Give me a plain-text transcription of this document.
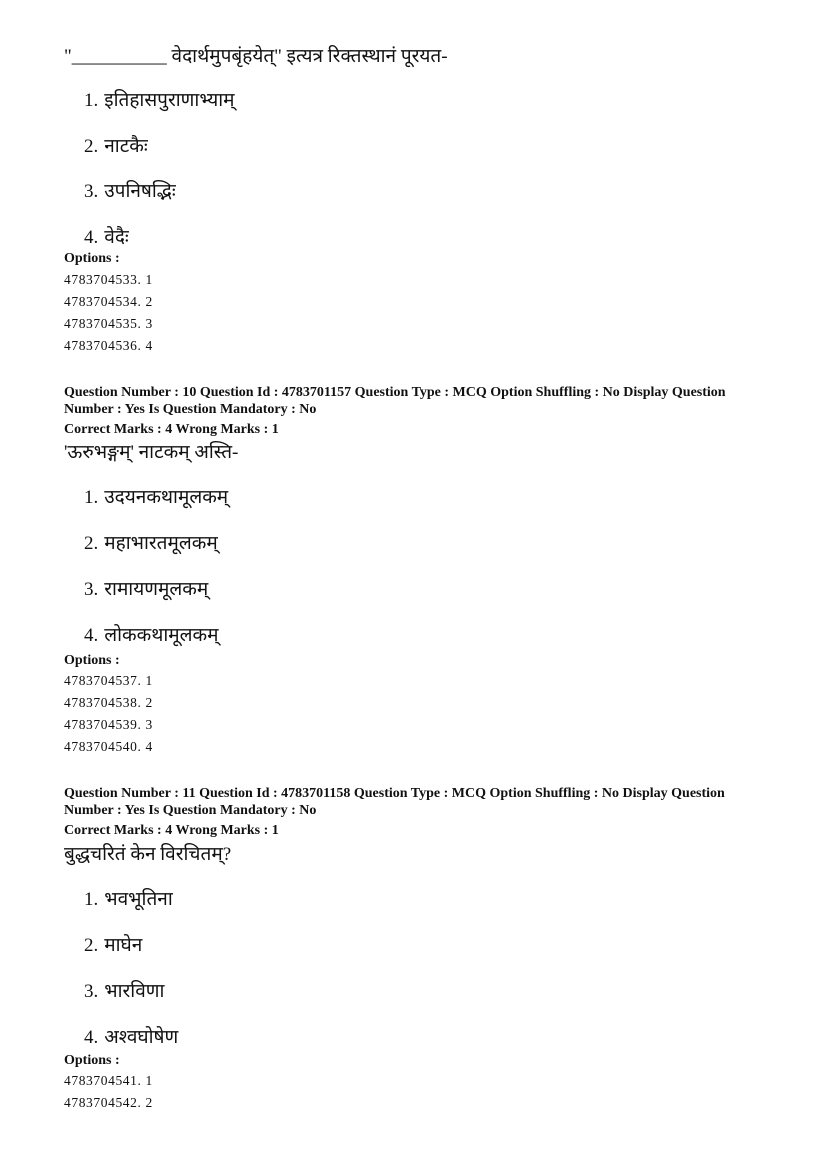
"__________ वेदार्थमुपबृंहयेत्" इत्यत्र रिक्तस्थानं पूरयत-
1. इतिहासपुराणाभ्याम्
2. नाटकैः
3. उपनिषद्भिः
4. वेदैः
Options :
4783704533. 1
4783704534. 2
4783704535. 3
4783704536. 4
Question Number : 10 Question Id : 4783701157 Question Type : MCQ Option Shuffling : No Display Question
Number : Yes Is Question Mandatory : No
Correct Marks : 4 Wrong Marks : 1
'ऊरुभङ्गम्' नाटकम् अस्ति-
1. उदयनकथामूलकम्
2. महाभारतमूलकम्
3. रामायणमूलकम्
4. लोककथामूलकम्
Options :
4783704537. 1
4783704538. 2
4783704539. 3
4783704540. 4
Question Number : 11 Question Id : 4783701158 Question Type : MCQ Option Shuffling : No Display Question
Number : Yes Is Question Mandatory : No
Correct Marks : 4 Wrong Marks : 1
बुद्धचरितं केन विरचितम्?
1. भवभूतिना
2. माघेन
3. भारविणा
4. अश्वघोषेण
Options :
4783704541. 1
4783704542. 2
